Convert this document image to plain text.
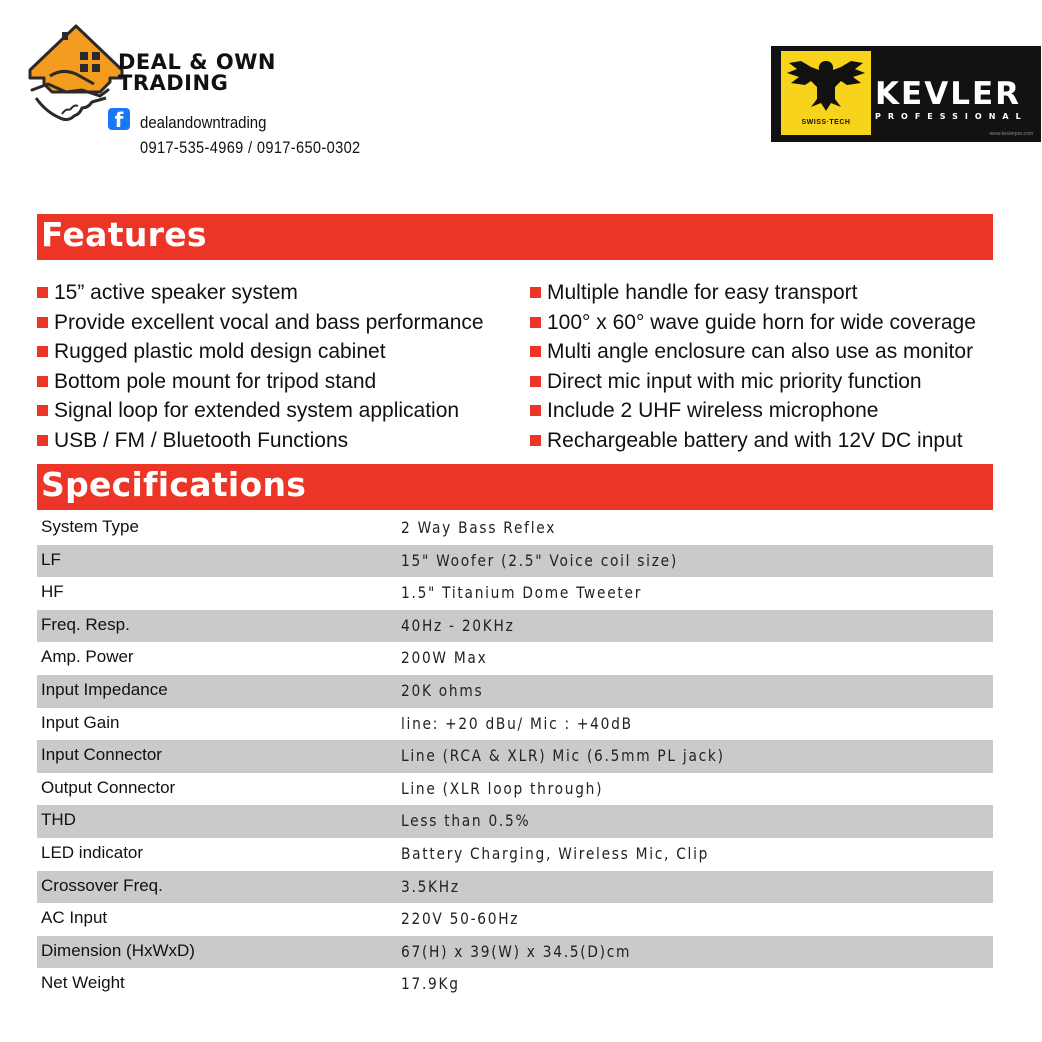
DEAL & OWN
TRADING
f dealandowntrading
0917-535-4969 / 0917-650-0302
SWISS·TECH
KEVLER
PROFESSIONAL
www.kevlerpro.com
Features
15” active speaker system
Provide excellent vocal and bass performance
Rugged plastic mold design cabinet
Bottom pole mount for tripod stand
Signal loop for extended system application
USB / FM / Bluetooth Functions
Multiple handle for easy transport
100° x 60° wave guide horn for wide coverage
Multi angle enclosure can also use as monitor
Direct mic input with mic priority function
Include 2 UHF wireless microphone
Rechargeable battery and with 12V DC input
Specifications
System Type	2 Way Bass Reflex
LF	15" Woofer (2.5" Voice coil size)
HF	1.5" Titanium Dome Tweeter
Freq. Resp.	40Hz - 20KHz
Amp. Power	200W Max
Input Impedance	20K ohms
Input Gain	line: +20 dBu/ Mic : +40dB
Input Connector	Line (RCA & XLR) Mic (6.5mm PL jack)
Output Connector	Line (XLR loop through)
THD	Less than 0.5%
LED indicator	Battery Charging, Wireless Mic, Clip
Crossover Freq.	3.5KHz
AC Input	220V 50-60Hz
Dimension (HxWxD)	67(H) x 39(W) x 34.5(D)cm
Net Weight	17.9Kg
